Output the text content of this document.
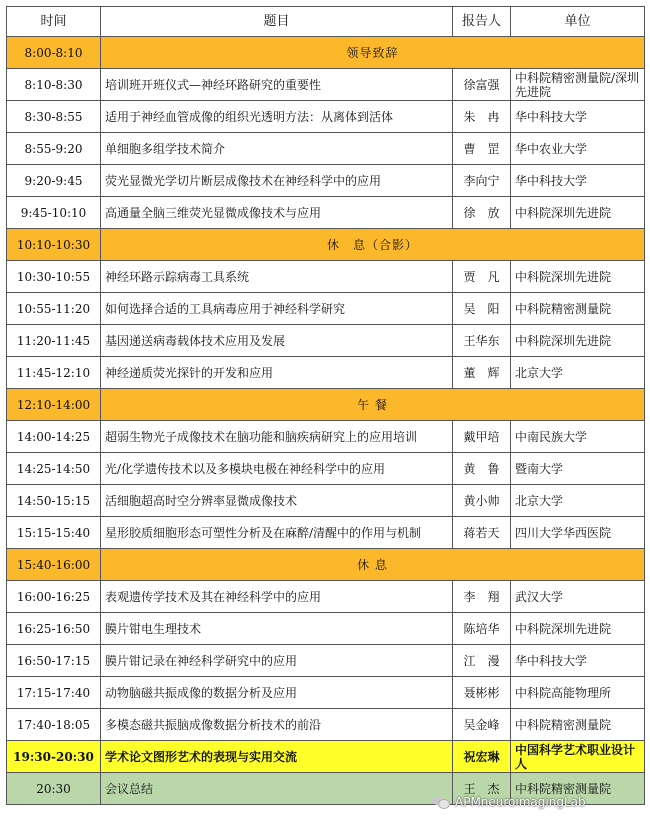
时间	题目	报告人	单位
8:00-8:10	领导致辞		
8:10-8:30	培训班开班仪式—神经环路研究的重要性	徐富强	中科院精密测量院/深圳先进院
8:30-8:55	适用于神经血管成像的组织光透明方法：从离体到活体	朱　冉	华中科技大学
8:55-9:20	单细胞多组学技术简介	曹　罡	华中农业大学
9:20-9:45	荧光显微光学切片断层成像技术在神经科学中的应用	李向宁	华中科技大学
9:45-10:10	高通量全脑三维荧光显微成像技术与应用	徐　放	中科院深圳先进院
10:10-10:30	休　息（合影）		
10:30-10:55	神经环路示踪病毒工具系统	贾　凡	中科院深圳先进院
10:55-11:20	如何选择合适的工具病毒应用于神经科学研究	吴　阳	中科院精密测量院
11:20-11:45	基因递送病毒载体技术应用及发展	王华东	中科院深圳先进院
11:45-12:10	神经递质荧光探针的开发和应用	董　辉	北京大学
12:10-14:00	午 餐		
14:00-14:25	超弱生物光子成像技术在脑功能和脑疾病研究上的应用培训	戴甲培	中南民族大学
14:25-14:50	光/化学遗传技术以及多模块电极在神经科学中的应用	黄　鲁	暨南大学
14:50-15:15	活细胞超高时空分辨率显微成像技术	黄小帅	北京大学
15:15-15:40	星形胶质细胞形态可塑性分析及在麻醉/清醒中的作用与机制	蒋若天	四川大学华西医院
15:40-16:00	休 息		
16:00-16:25	表观遗传学技术及其在神经科学中的应用	李　翔	武汉大学
16:25-16:50	膜片钳电生理技术	陈培华	中科院深圳先进院
16:50-17:15	膜片钳记录在神经科学研究中的应用	江　漫	华中科技大学
17:15-17:40	动物脑磁共振成像的数据分析及应用	聂彬彬	中科院高能物理所
17:40-18:05	多模态磁共振脑成像数据分析技术的前沿	吴金峰	中科院精密测量院
19:30-20:30	学术论文图形艺术的表现与实用交流	祝宏琳	中国科学艺术职业设计人
20:30	会议总结	王　杰	中科院精密测量院
APMneuroimagingLab
